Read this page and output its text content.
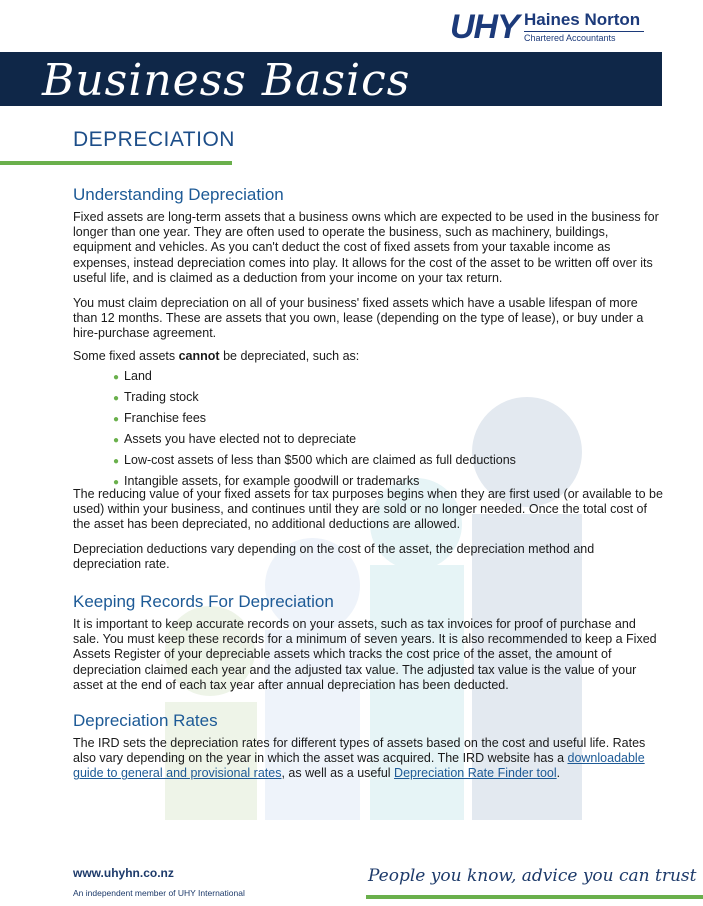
UHY Haines Norton
Chartered Accountants
Business Basics
DEPRECIATION
Understanding Depreciation

Fixed assets are long-term assets that a business owns which are expected to be used in the business for longer than one year. They are often used to operate the business, such as machinery, buildings, equipment and vehicles. As you can't deduct the cost of fixed assets from your taxable income as expenses, instead depreciation comes into play. It allows for the cost of the asset to be written off over its useful life, and is claimed as a deduction from your income on your tax return.

You must claim depreciation on all of your business' fixed assets which have a usable lifespan of more than 12 months. These are assets that you own, lease (depending on the type of lease), or buy under a hire-purchase agreement.

Some fixed assets cannot be depreciated, such as:

● Land
● Trading stock
● Franchise fees
● Assets you have elected not to depreciate
● Low-cost assets of less than $500 which are claimed as full deductions
● Intangible assets, for example goodwill or trademarks

The reducing value of your fixed assets for tax purposes begins when they are first used (or available to be used) within your business, and continues until they are sold or no longer needed. Once the total cost of the asset has been depreciated, no additional deductions are allowed.

Depreciation deductions vary depending on the cost of the asset, the depreciation method and depreciation rate.

Keeping Records For Depreciation

It is important to keep accurate records on your assets, such as tax invoices for proof of purchase and sale. You must keep these records for a minimum of seven years. It is also recommended to keep a Fixed Assets Register of your depreciable assets which tracks the cost price of the asset, the amount of depreciation claimed each year and the adjusted tax value. The adjusted tax value is the value of your asset at the end of each tax year after annual depreciation has been deducted.

Depreciation Rates

The IRD sets the depreciation rates for different types of assets based on the cost and useful life. Rates also vary depending on the year in which the asset was acquired. The IRD website has a downloadable guide to general and provisional rates, as well as a useful Depreciation Rate Finder tool.

www.uhyhn.co.nz
An independent member of UHY International
People you know, advice you can trust
